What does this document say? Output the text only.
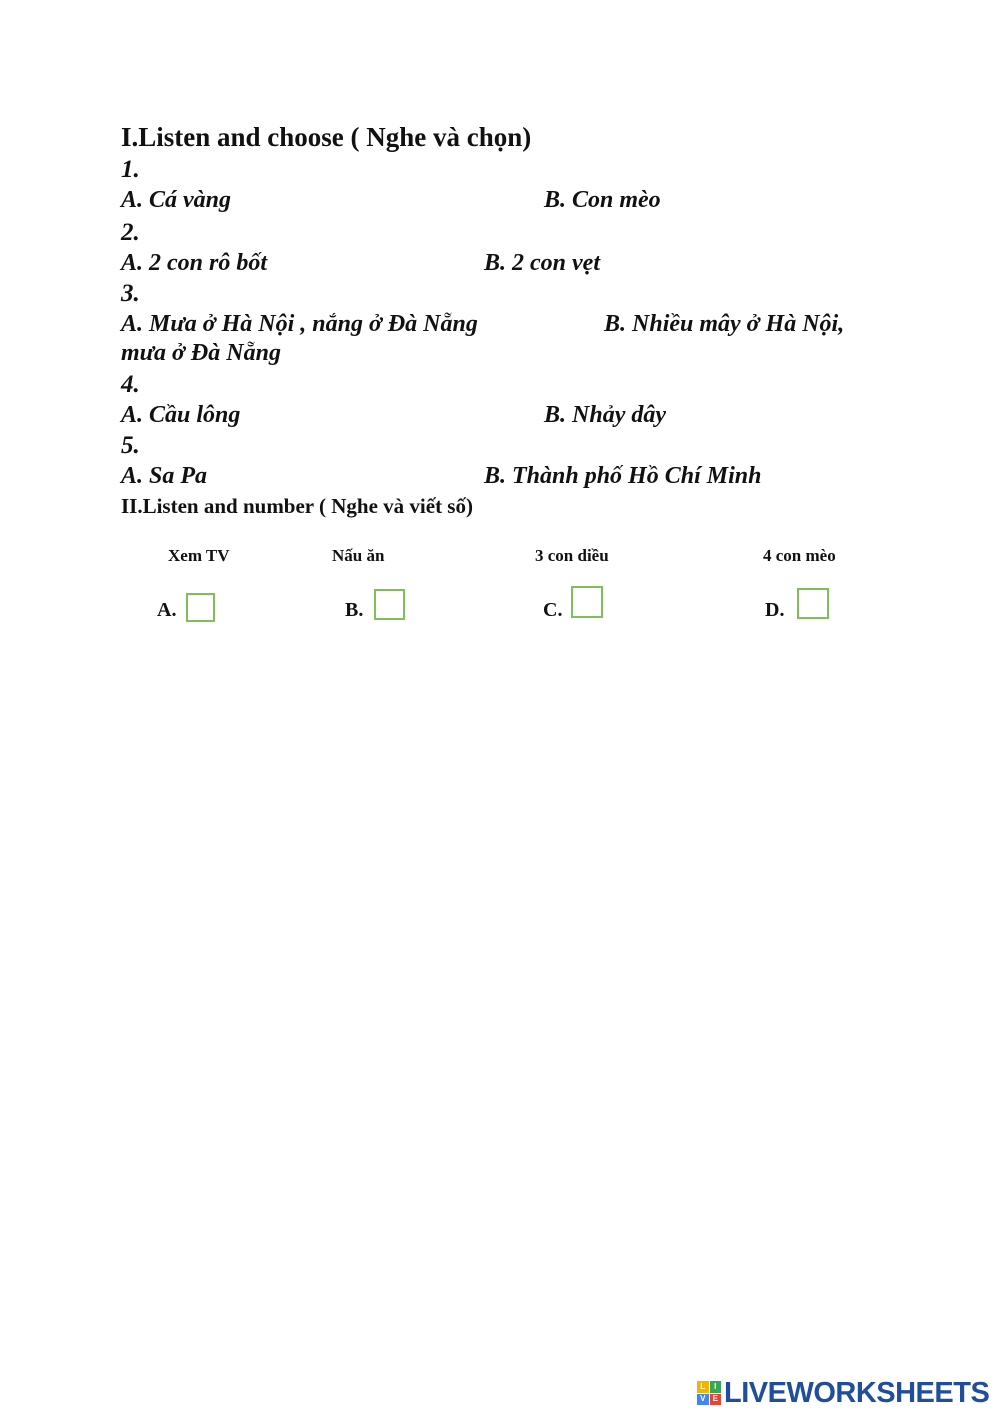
I.Listen and choose ( Nghe và chọn)
1.
A. Cá vàng	B. Con mèo
2.
A. 2 con rô bốt	B. 2 con vẹt
3.
A. Mưa ở Hà Nội , nắng ở Đà Nẵng	B. Nhiều mây ở Hà Nội,
mưa ở Đà Nẵng
4.
A. Cầu lông	B. Nhảy dây
5.
A. Sa Pa	B. Thành phố Hồ Chí Minh
II.Listen and number ( Nghe và viết số)
Xem TV	Nấu ăn	3 con diều	4 con mèo
A.	B.	C.	D.
L	I
V E LIVEWORKSHEETS
